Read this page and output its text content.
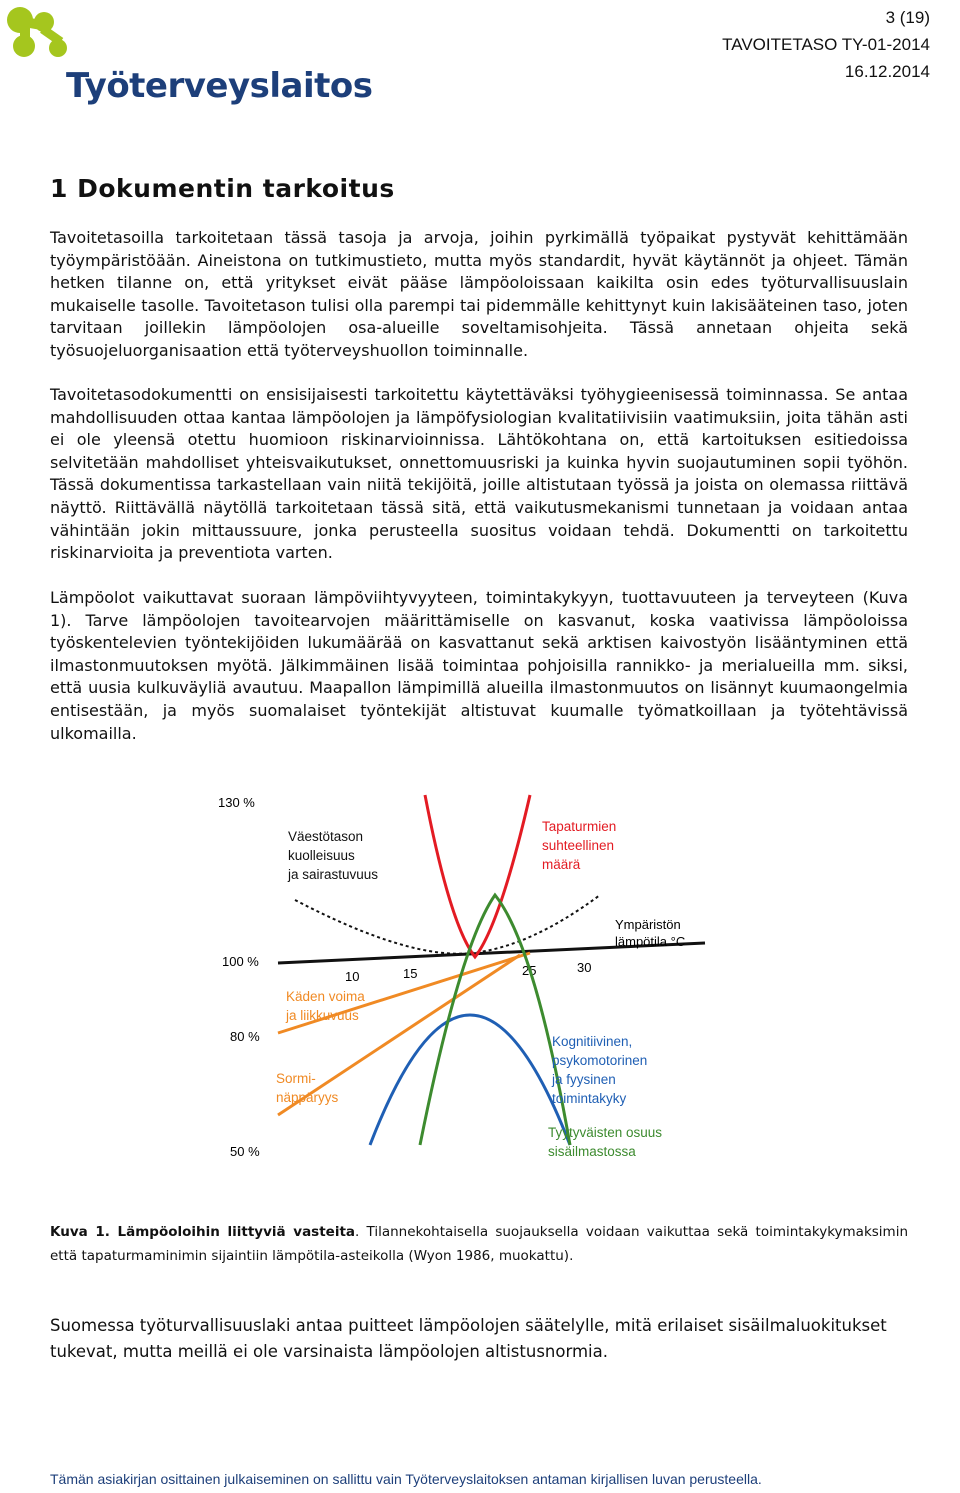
Työterveyslaitos
3 (19)
TAVOITETASO TY-01-2014
16.12.2014
1 Dokumentin tarkoitus

Tavoitetasoilla tarkoitetaan tässä tasoja ja arvoja, joihin pyrkimällä työpaikat pystyvät kehittämään työympäristöään. Aineistona on tutkimustieto, mutta myös standardit, hyvät käytännöt ja ohjeet. Tämän hetken tilanne on, että yritykset eivät pääse lämpöoloissaan kaikilta osin edes työturvallisuuslain mukaiselle tasolle. Tavoitetason tulisi olla parempi tai pidemmälle kehittynyt kuin lakisääteinen taso, joten tarvitaan joillekin lämpöolojen osa-alueille soveltamisohjeita. Tässä annetaan ohjeita sekä työsuojeluorganisaation että työterveyshuollon toiminnalle.

Tavoitetasodokumentti on ensisijaisesti tarkoitettu käytettäväksi työhygieenisessä toiminnassa. Se antaa mahdollisuuden ottaa kantaa lämpöolojen ja lämpöfysiologian kvalitatiivisiin vaatimuksiin, joita tähän asti ei ole yleensä otettu huomioon riskinarvioinnissa. Lähtökohtana on, että kartoituksen esitiedoissa selvitetään mahdolliset yhteisvaikutukset, onnettomuusriski ja kuinka hyvin suojautuminen sopii työhön. Tässä dokumentissa tarkastellaan vain niitä tekijöitä, joille altistutaan työssä ja joista on olemassa riittävä näyttö. Riittävällä näytöllä tarkoitetaan tässä sitä, että vaikutusmekanismi tunnetaan ja voidaan antaa vähintään jokin mittaussuure, jonka perusteella suositus voidaan tehdä. Dokumentti on tarkoitettu riskinarvioita ja preventiota varten.

Lämpöolot vaikuttavat suoraan lämpöviihtyvyyteen, toimintakykyyn, tuottavuuteen ja terveyteen (Kuva 1). Tarve lämpöolojen tavoitearvojen määrittämiselle on kasvanut, koska vaativissa lämpöoloissa työskentelevien työntekijöiden lukumäärää on kasvattanut sekä arktisen kaivostyön lisääntyminen että ilmastonmuutoksen myötä. Jälkimmäinen lisää toimintaa pohjoisilla rannikko- ja merialueilla mm. siksi, että uusia kulkuväyliä avautuu. Maapallon lämpimillä alueilla ilmastonmuutos on lisännyt kuumaongelmia entisestään, ja myös suomalaiset työntekijät altistuvat kuumalle työmatkoillaan ja työtehtävissä ulkomailla.

130 %
100 %
80 %
50 %
10	15	25	30
Ympäristön lämpötila °C
Väestötason kuolleisuus ja sairastuvuus
Tapaturmien suhteellinen määrä
Käden voima ja liikkuvuus
Sormi-näppäryys
Kognitiivinen, psykomotorinen ja fyysinen toimintakyky
Tyytyväisten osuus sisäilmastossa

Kuva 1. Lämpöoloihin liittyviä vasteita. Tilannekohtaisella suojauksella voidaan vaikuttaa sekä toimintakykymaksimin että tapaturmaminimin sijaintiin lämpötila-asteikolla (Wyon 1986, muokattu).

Suomessa työturvallisuuslaki antaa puitteet lämpöolojen säätelylle, mitä erilaiset sisäilmaluokitukset tukevat, mutta meillä ei ole varsinaista lämpöolojen altistusnormia.

Tämän asiakirjan osittainen julkaiseminen on sallittu vain Työterveyslaitoksen antaman kirjallisen luvan perusteella.
